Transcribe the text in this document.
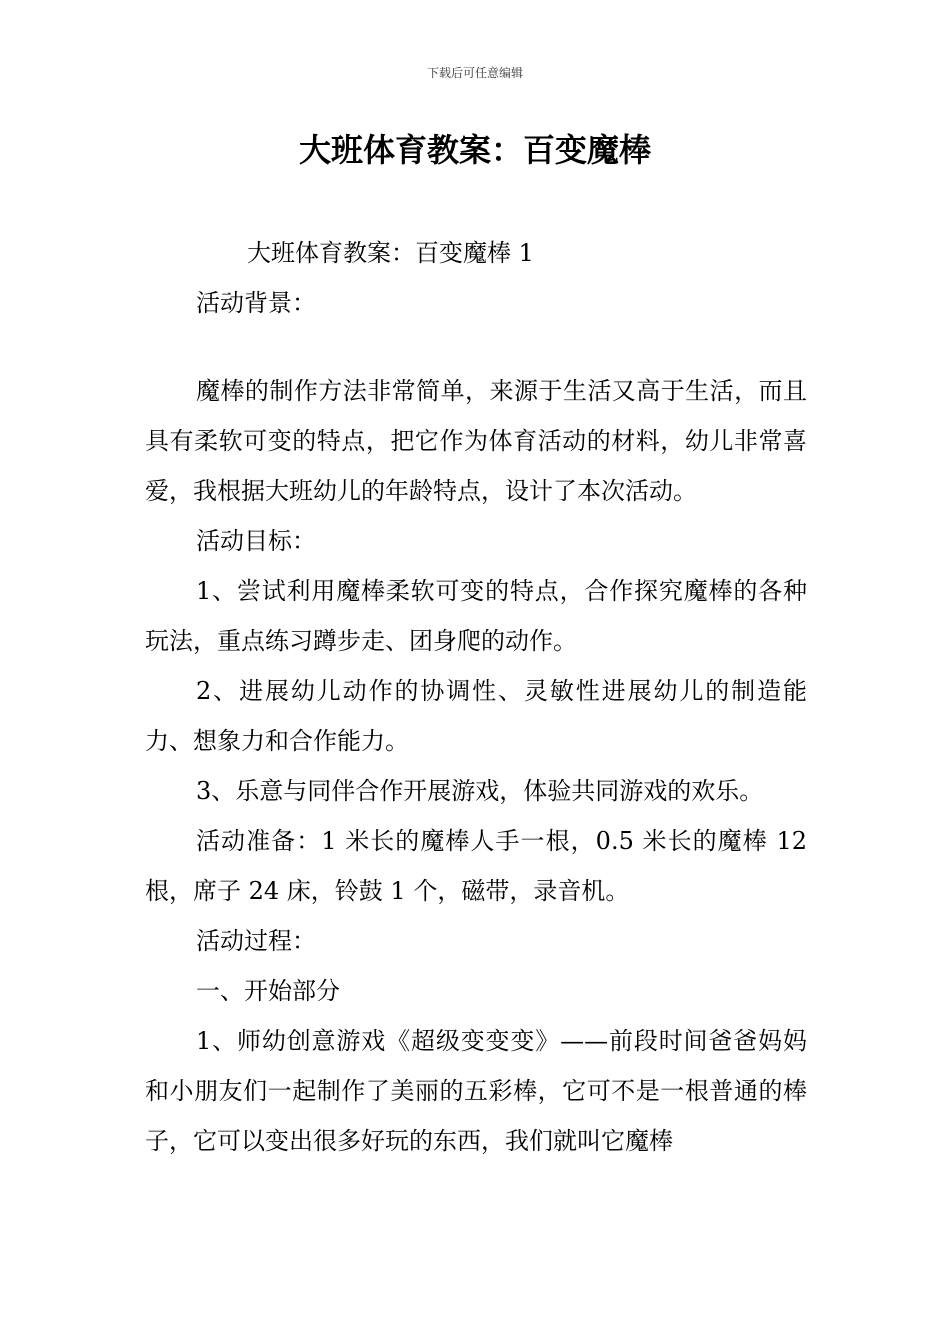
下载后可任意编辑
大班体育教案：百变魔棒

大班体育教案：百变魔棒 1

活动背景：

魔棒的制作方法非常简单，来源于生活又高于生活，而且具有柔软可变的特点，把它作为体育活动的材料，幼儿非常喜爱，我根据大班幼儿的年龄特点，设计了本次活动。

活动目标：

1、尝试利用魔棒柔软可变的特点，合作探究魔棒的各种玩法，重点练习蹲步走、团身爬的动作。

2、进展幼儿动作的协调性、灵敏性进展幼儿的制造能力、想象力和合作能力。

3、乐意与同伴合作开展游戏，体验共同游戏的欢乐。

活动准备：1 米长的魔棒人手一根，0.5 米长的魔棒 12 根，席子 24 床，铃鼓 1 个，磁带，录音机。

活动过程：

一、开始部分

1、师幼创意游戏《超级变变变》——前段时间爸爸妈妈和小朋友们一起制作了美丽的五彩棒，它可不是一根普通的棒子，它可以变出很多好玩的东西，我们就叫它魔棒
